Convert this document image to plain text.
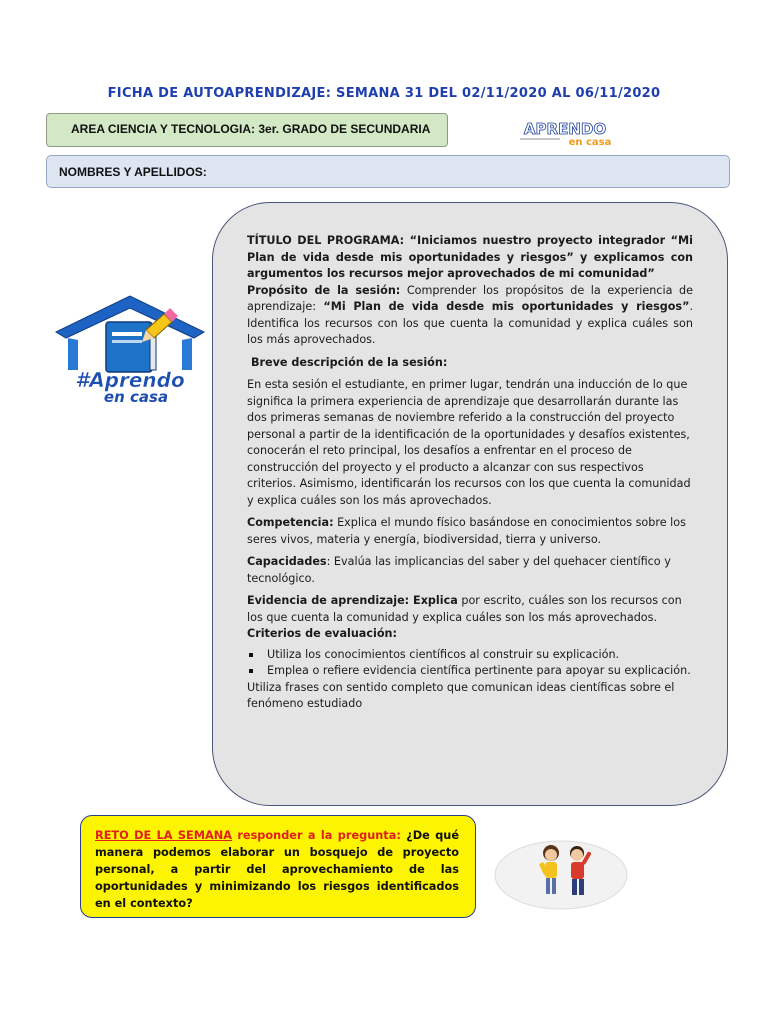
FICHA DE AUTOAPRENDIZAJE: SEMANA 31 DEL 02/11/2020 AL 06/11/2020
AREA CIENCIA Y TECNOLOGIA: 3er. GRADO DE SECUNDARIA	APRENDO
en casa
NOMBRES Y APELLIDOS:
#Aprendo
en casa

TÍTULO DEL PROGRAMA: “Iniciamos nuestro proyecto integrador “Mi Plan de vida desde mis oportunidades y riesgos” y explicamos con argumentos los recursos mejor aprovechados de mi comunidad”

Propósito de la sesión: Comprender los propósitos de la experiencia de aprendizaje: “Mi Plan de vida desde mis oportunidades y riesgos”. Identifica los recursos con los que cuenta la comunidad y explica cuáles son los más aprovechados.

Breve descripción de la sesión:

En esta sesión el estudiante, en primer lugar, tendrán una inducción de lo que significa la primera experiencia de aprendizaje que desarrollarán durante las dos primeras semanas de noviembre referido a la construcción del proyecto personal a partir de la identificación de la oportunidades y desafíos existentes, conocerán el reto principal, los desafíos a enfrentar en el proceso de construcción del proyecto y el producto a alcanzar con sus respectivos criterios. Asimismo, identificarán los recursos con los que cuenta la comunidad y explica cuáles son los más aprovechados.

Competencia: Explica el mundo físico basándose en conocimientos sobre los seres vivos, materia y energía, biodiversidad, tierra y universo.

Capacidades: Evalúa las implicancias del saber y del quehacer científico y tecnológico.

Evidencia de aprendizaje: Explica por escrito, cuáles son los recursos con los que cuenta la comunidad y explica cuáles son los más aprovechados.

Criterios de evaluación:

Utiliza los conocimientos científicos al construir su explicación.
Emplea o refiere evidencia científica pertinente para apoyar su explicación.

Utiliza frases con sentido completo que comunican ideas científicas sobre el fenómeno estudiado

RETO DE LA SEMANA responder a la pregunta: ¿De qué manera podemos elaborar un bosquejo de proyecto personal, a partir del aprovechamiento de las oportunidades y minimizando los riesgos identificados en el contexto?
